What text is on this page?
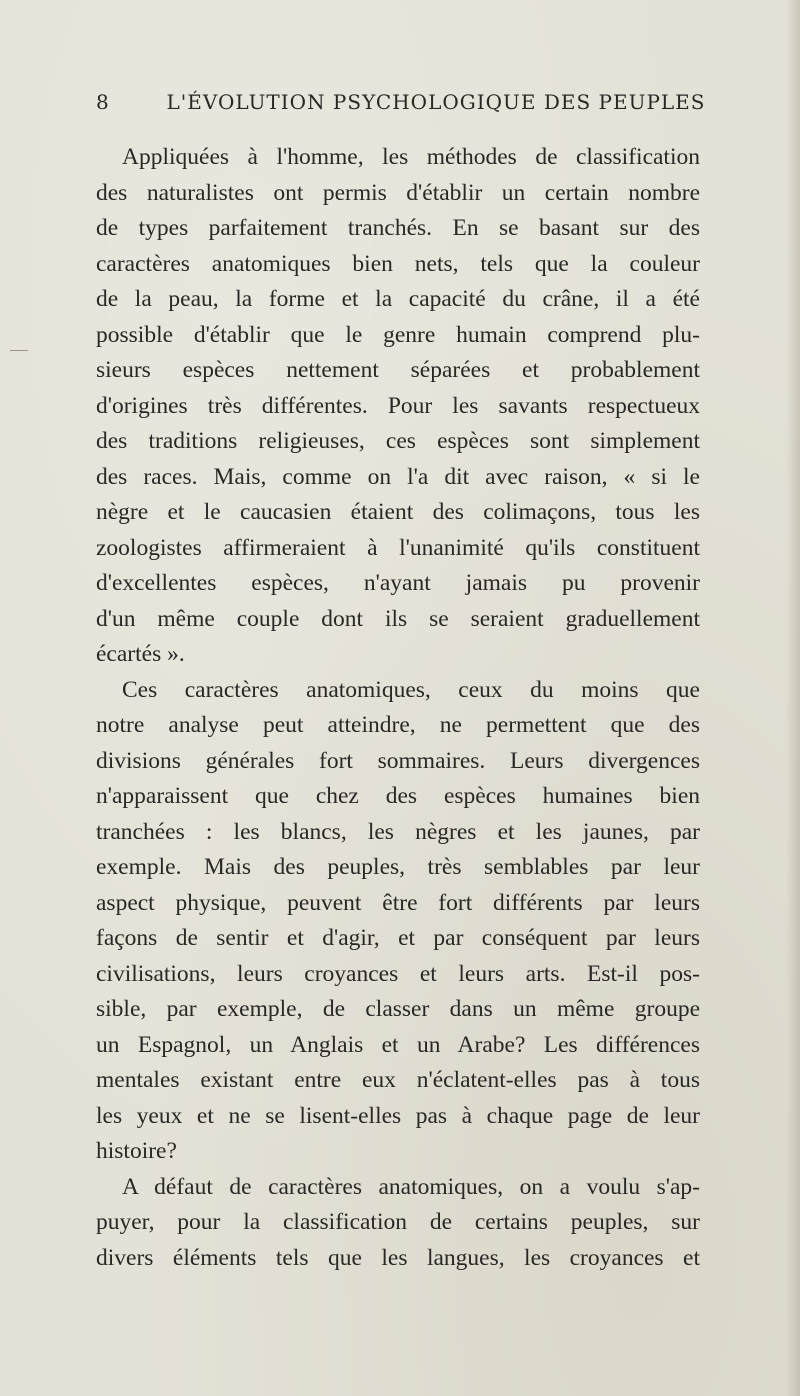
8	L'ÉVOLUTION PSYCHOLOGIQUE DES PEUPLES
Appliquées à l'homme, les méthodes de classification
des naturalistes ont permis d'établir un certain nombre
de types parfaitement tranchés. En se basant sur des
caractères anatomiques bien nets, tels que la couleur
de la peau, la forme et la capacité du crâne, il a été
possible d'établir que le genre humain comprend plu-
sieurs espèces nettement séparées et probablement
d'origines très différentes. Pour les savants respectueux
des traditions religieuses, ces espèces sont simplement
des races. Mais, comme on l'a dit avec raison, « si le
nègre et le caucasien étaient des colimaçons, tous les
zoologistes affirmeraient à l'unanimité qu'ils constituent
d'excellentes espèces, n'ayant jamais pu provenir
d'un même couple dont ils se seraient graduellement
écartés ».
Ces caractères anatomiques, ceux du moins que
notre analyse peut atteindre, ne permettent que des
divisions générales fort sommaires. Leurs divergences
n'apparaissent que chez des espèces humaines bien
tranchées : les blancs, les nègres et les jaunes, par
exemple. Mais des peuples, très semblables par leur
aspect physique, peuvent être fort différents par leurs
façons de sentir et d'agir, et par conséquent par leurs
civilisations, leurs croyances et leurs arts. Est-il pos-
sible, par exemple, de classer dans un même groupe
un Espagnol, un Anglais et un Arabe? Les différences
mentales existant entre eux n'éclatent-elles pas à tous
les yeux et ne se lisent-elles pas à chaque page de leur
histoire?
A défaut de caractères anatomiques, on a voulu s'ap-
puyer, pour la classification de certains peuples, sur
divers éléments tels que les langues, les croyances et
